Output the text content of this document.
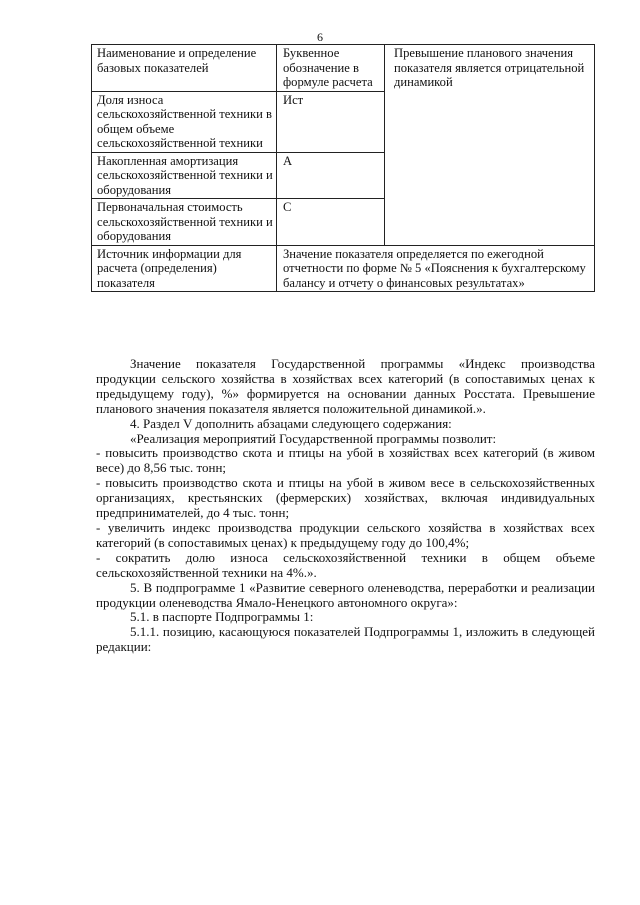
6
Наименование и определение базовых показателей	Буквенное обозначение в формуле расчета	Превышение планового значения показателя является отрицательной динамикой
Доля износа сельскохозяйственной техники в общем объеме сельскохозяйственной техники	Ист	
Накопленная амортизация сельскохозяйственной техники и оборудования	А	
Первоначальная стоимость сельскохозяйственной техники и оборудования	С	
Источник информации для расчета (определения) показателя	Значение показателя определяется по ежегодной отчетности по форме № 5 «Пояснения к бухгалтерскому балансу и отчету о финансовых результатах»	

Значение показателя Государственной программы «Индекс производства продукции сельского хозяйства в хозяйствах всех категорий (в сопоставимых ценах к предыдущему году), %» формируется на основании данных Росстата. Превышение планового значения показателя является положительной динамикой.».

4. Раздел V дополнить абзацами следующего содержания:

«Реализация мероприятий Государственной программы позволит:

- повысить производство скота и птицы на убой в хозяйствах всех категорий (в живом весе) до 8,56 тыс. тонн;

- повысить производство скота и птицы на убой в живом весе в сельскохозяйственных организациях, крестьянских (фермерских) хозяйствах, включая индивидуальных предпринимателей, до 4 тыс. тонн;

- увеличить индекс производства продукции сельского хозяйства в хозяйствах всех категорий (в сопоставимых ценах) к предыдущему году до 100,4%;

- сократить долю износа сельскохозяйственной техники в общем объеме сельскохозяйственной техники на 4%.».

5. В подпрограмме 1 «Развитие северного оленеводства, переработки и реализации продукции оленеводства Ямало-Ненецкого автономного округа»:

5.1. в паспорте Подпрограммы 1:

5.1.1. позицию, касающуюся показателей Подпрограммы 1, изложить в следующей редакции:
